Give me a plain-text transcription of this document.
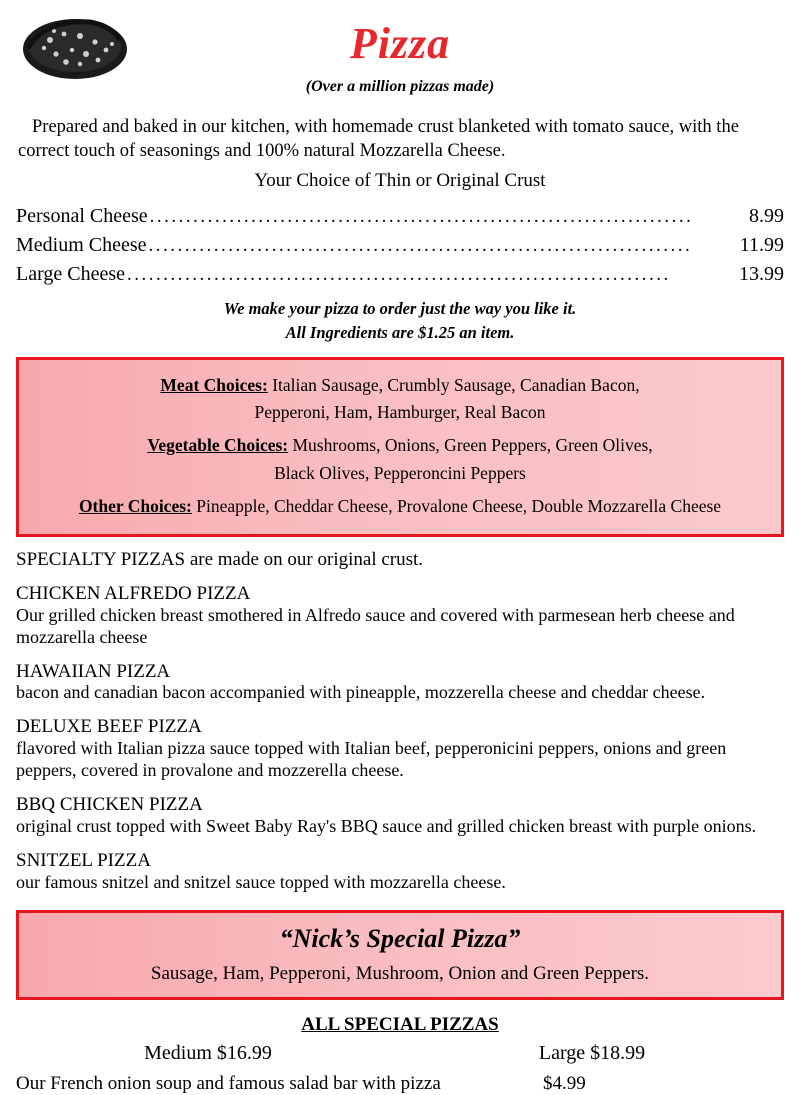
Pizza
(Over a million pizzas made)

Prepared and baked in our kitchen, with homemade crust blanketed with tomato sauce, with the correct touch of seasonings and 100% natural Mozzarella Cheese.

Your Choice of Thin or Original Crust
Personal Cheese ...........................................................................	8.99
Medium Cheese ...........................................................................	11.99
Large Cheese ...........................................................................	13.99
We make your pizza to order just the way you like it.
All Ingredients are $1.25 an item.
Meat Choices: Italian Sausage, Crumbly Sausage, Canadian Bacon,
Pepperoni, Ham, Hamburger, Real Bacon
Vegetable Choices: Mushrooms, Onions, Green Peppers, Green Olives,
Black Olives, Pepperoncini Peppers
Other Choices: Pineapple, Cheddar Cheese, Provalone Cheese, Double Mozzarella Cheese
SPECIALTY PIZZAS are made on our original crust.
CHICKEN ALFREDO PIZZA
Our grilled chicken breast smothered in Alfredo sauce and covered with parmesean herb cheese and mozzarella cheese
HAWAIIAN PIZZA
bacon and canadian bacon accompanied with pineapple, mozzerella cheese and cheddar cheese.
DELUXE BEEF PIZZA
flavored with Italian pizza sauce topped with Italian beef, pepperonicini peppers, onions and green peppers, covered in provalone and mozzerella cheese.
BBQ CHICKEN PIZZA
original crust topped with Sweet Baby Ray's BBQ sauce and grilled chicken breast with purple onions.
SNITZEL PIZZA
our famous snitzel and snitzel sauce topped with mozzarella cheese.
“Nick’s Special Pizza”
Sausage, Ham, Pepperoni, Mushroom, Onion and Green Peppers.
ALL SPECIAL PIZZAS
Medium $16.99	Large $18.99
Our French onion soup and famous salad bar with pizza	$4.99
